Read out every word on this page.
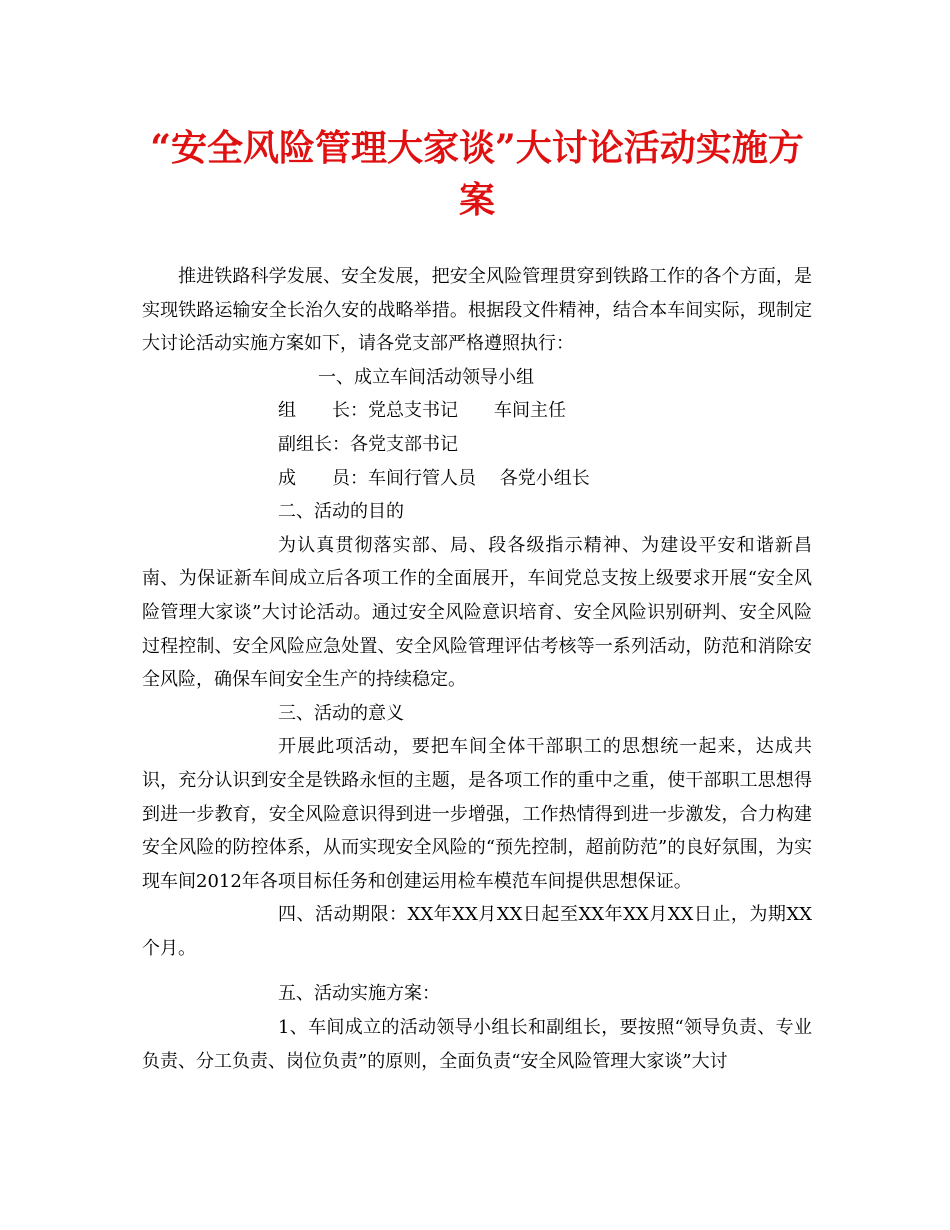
“安全风险管理大家谈”大讨论活动实施方
案

推进铁路科学发展、安全发展，把安全风险管理贯穿到铁路工作的各个方面，是实现铁路运输安全长治久安的战略举措。根据段文件精神，结合本车间实际，现制定大讨论活动实施方案如下，请各党支部严格遵照执行：

一、成立车间活动领导小组

组　　长：党总支书记　　车间主任

副组长：各党支部书记

成　　员：车间行管人员　 各党小组长

二、活动的目的

为认真贯彻落实部、局、段各级指示精神、为建设平安和谐新昌南、为保证新车间成立后各项工作的全面展开，车间党总支按上级要求开展“安全风险管理大家谈”大讨论活动。通过安全风险意识培育、安全风险识别研判、安全风险过程控制、安全风险应急处置、安全风险管理评估考核等一系列活动，防范和消除安全风险，确保车间安全生产的持续稳定。

三、活动的意义

开展此项活动，要把车间全体干部职工的思想统一起来，达成共识，充分认识到安全是铁路永恒的主题，是各项工作的重中之重，使干部职工思想得到进一步教育，安全风险意识得到进一步增强，工作热情得到进一步激发，合力构建安全风险的防控体系，从而实现安全风险的“预先控制，超前防范”的良好氛围，为实现车间2012年各项目标任务和创建运用检车模范车间提供思想保证。

四、活动期限：XX年XX月XX日起至XX年XX月XX日止，为期XX个月。

五、活动实施方案：

1、车间成立的活动领导小组长和副组长，要按照“领导负责、专业负责、分工负责、岗位负责”的原则，全面负责“安全风险管理大家谈”大讨
